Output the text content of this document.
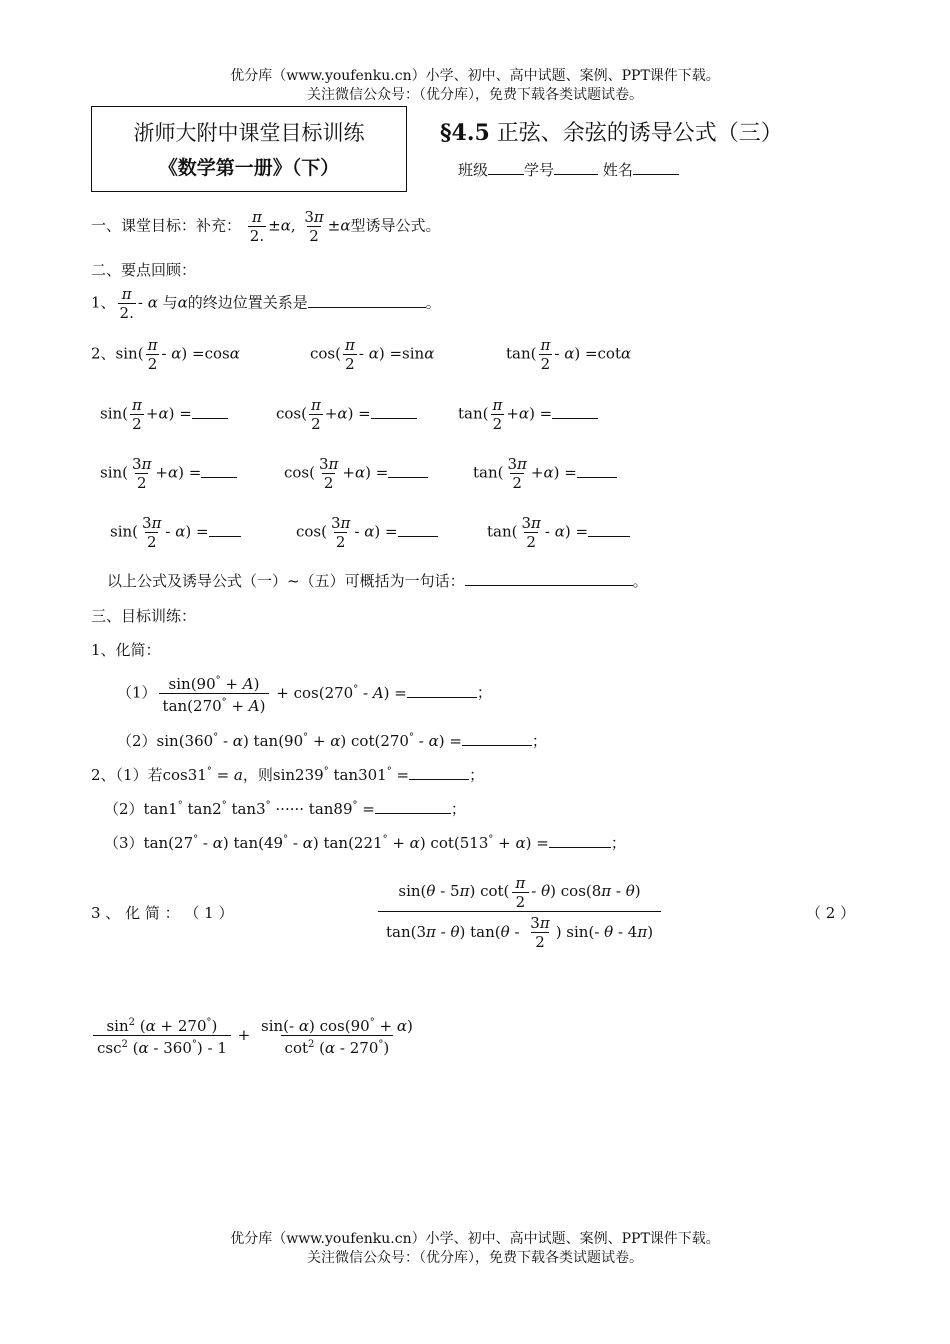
优分库（www.youfenku.cn）小学、初中、高中试题、案例、PPT课件下载。
关注微信公众号：（优分库），免费下载各类试题试卷。
浙师大附中课堂目标训练
《数学第一册》（下）
§4.5 正弦、余弦的诱导公式（三）
班级 学号	姓名
一、课堂目标：补充： $\frac{\pi}{2.} \pm\alpha$, $\frac{3\pi}{2} \pm\alpha$型诱导公式。
二、要点回顾：
1、 $\frac{\pi}{2.}$ - α 与α的终边位置关系是	。
2、$\sin( \frac{\pi}{2} - \alpha) =\cos\alpha$	$\cos( \frac{\pi}{2} - \alpha) =\sin\alpha$	$\tan( \frac{\pi}{2} - \alpha) =\cot\alpha$
$\sin( \frac{\pi}{2} +\alpha)$ =	$\cos( \frac{\pi}{2} +\alpha)$ =	$\tan( \frac{\pi}{2} +\alpha)$ =
$\sin( \frac{3\pi}{2} +\alpha)$ =	$\cos( \frac{3\pi}{2} +\alpha)$ =	$\tan( \frac{3\pi}{2} +\alpha)$ =
$\sin( \frac{3\pi}{2} - \alpha)$ =	$\cos( \frac{3\pi}{2} - \alpha)$ =	$\tan( \frac{3\pi}{2} - \alpha)$ =
以上公式及诱导公式（一）~（五）可概括为一句话：	。
三、目标训练：
1、化简：
$(1) \frac{\sin(90^\circ + A)}{\tan(270^\circ + A)} + \cos(270^\circ - A)$ =	；
（2）sin(360° - α) tan(90° + α) cot(270° - α) =	；
2、（1）若cos31° = a，则sin239° tan301° =	；
（2）tan1° tan2° tan3° ······ tan89° =	；
（3）tan(27° - α) tan(49° - α) tan(221° + α) cot(513° + α) =	；
3 、 化 简 ： （ 1 ）	$\frac{\sin(\theta - 5\pi) \cot( \frac{\pi}{2} - \theta) \cos(8\pi - \theta)}{\tan(3\pi - \theta) \tan(\theta - \frac{3\pi}{2} ) \sin(- \theta - 4\pi)}$	（ 2 ）
$\frac{\sin^2 (\alpha + 270^\circ)}{\csc^2 (\alpha - 360^\circ) - 1} + \frac{\sin(- \alpha) \cos(90^\circ + \alpha)}{\cot^2 (\alpha - 270^\circ)}$
优分库（www.youfenku.cn）小学、初中、高中试题、案例、PPT课件下载。
关注微信公众号：（优分库），免费下载各类试题试卷。
